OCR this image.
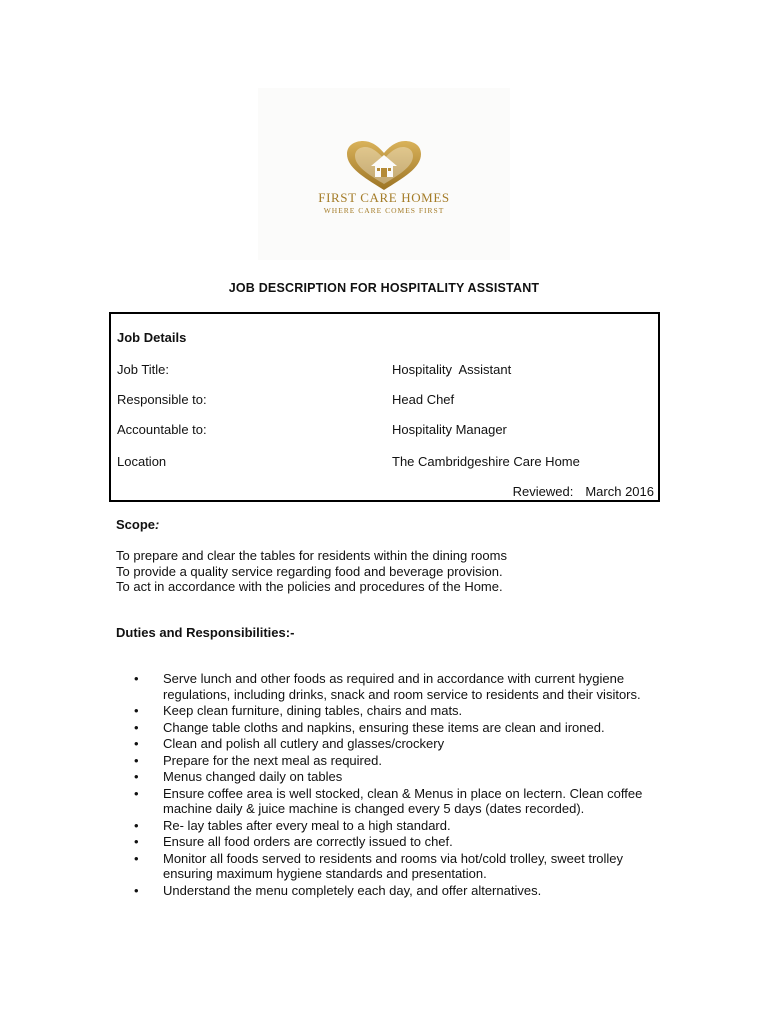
FIRST CARE HOMES
WHERE CARE COMES FIRST
JOB DESCRIPTION FOR HOSPITALITY ASSISTANT
Job Details
Job Title:	Hospitality  Assistant
Responsible to:	Head Chef
Accountable to:	Hospitality Manager
Location	The Cambridgeshire Care Home
Reviewed: March 2016
Scope:
To prepare and clear the tables for residents within the dining rooms
To provide a quality service regarding food and beverage provision.
To act in accordance with the policies and procedures of the Home.
Duties and Responsibilities:-
• Serve lunch and other foods as required and in accordance with current hygiene regulations, including drinks, snack and room service to residents and their visitors.
• Keep clean furniture, dining tables, chairs and mats.
• Change table cloths and napkins, ensuring these items are clean and ironed.
• Clean and polish all cutlery and glasses/crockery
• Prepare for the next meal as required.
• Menus changed daily on tables
• Ensure coffee area is well stocked, clean & Menus in place on lectern. Clean coffee machine daily & juice machine is changed every 5 days (dates recorded).
• Re- lay tables after every meal to a high standard.
• Ensure all food orders are correctly issued to chef.
• Monitor all foods served to residents and rooms via hot/cold trolley, sweet trolley ensuring maximum hygiene standards and presentation.
• Understand the menu completely each day, and offer alternatives.
